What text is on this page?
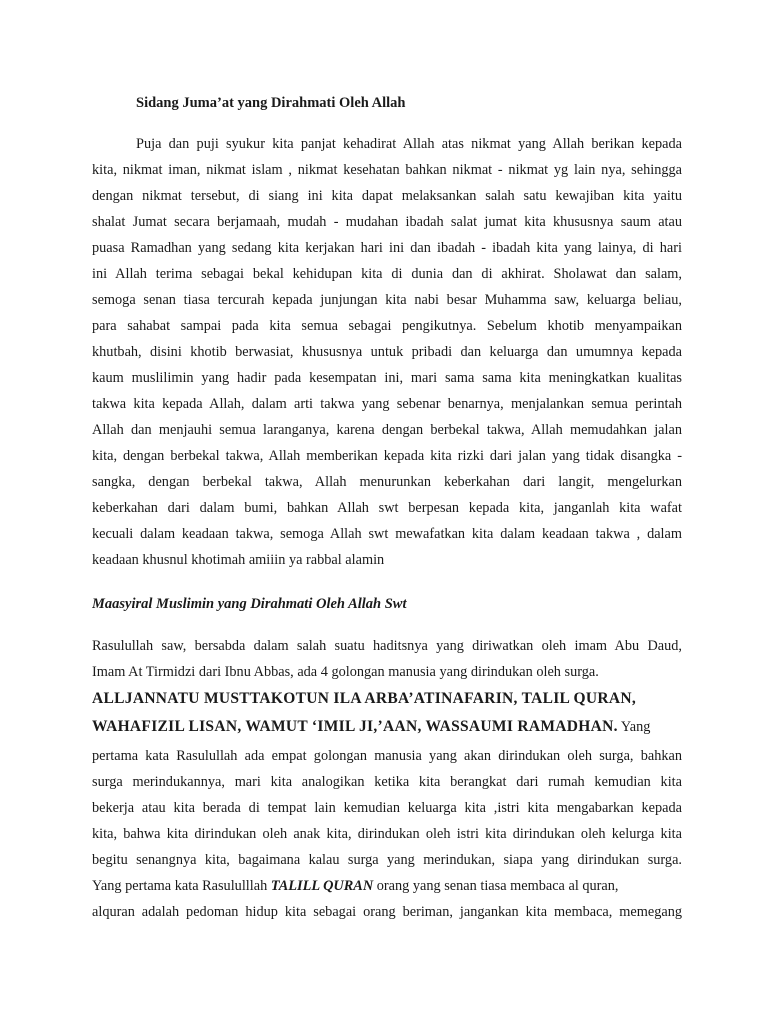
Sidang Juma’at yang Dirahmati Oleh Allah
Puja dan puji syukur kita panjat kehadirat Allah atas nikmat yang Allah berikan kepada
kita, nikmat iman, nikmat islam , nikmat kesehatan bahkan nikmat - nikmat yg lain nya, sehingga
dengan nikmat tersebut, di siang ini kita dapat melaksankan salah satu kewajiban kita yaitu
shalat Jumat secara berjamaah, mudah - mudahan ibadah salat jumat kita khususnya saum atau
puasa Ramadhan yang sedang kita kerjakan hari ini dan ibadah - ibadah kita yang lainya, di hari
ini Allah terima sebagai bekal kehidupan kita di dunia dan di akhirat. Sholawat dan salam,
semoga senan tiasa tercurah kepada junjungan kita nabi besar Muhamma saw, keluarga beliau,
para sahabat sampai pada kita semua sebagai pengikutnya. Sebelum khotib menyampaikan
khutbah, disini khotib berwasiat, khususnya untuk pribadi dan keluarga dan umumnya kepada
kaum muslilimin yang hadir pada kesempatan ini, mari sama sama kita meningkatkan kualitas
takwa kita kepada Allah, dalam arti takwa yang sebenar benarnya, menjalankan semua perintah
Allah dan menjauhi semua laranganya, karena dengan berbekal takwa, Allah memudahkan jalan
kita, dengan berbekal takwa, Allah memberikan kepada kita rizki dari jalan yang tidak disangka -
sangka, dengan berbekal takwa, Allah menurunkan keberkahan dari langit, mengelurkan
keberkahan dari dalam bumi, bahkan Allah swt berpesan kepada kita, janganlah kita wafat
kecuali dalam keadaan takwa, semoga Allah swt mewafatkan kita dalam keadaan takwa , dalam
keadaan khusnul khotimah amiiin ya rabbal alamin
Maasyiral Muslimin yang Dirahmati Oleh Allah Swt
Rasulullah saw, bersabda dalam salah suatu haditsnya yang diriwatkan oleh imam Abu Daud,
Imam At Tirmidzi dari Ibnu Abbas, ada 4 golongan manusia yang dirindukan oleh surga.
ALLJANNATU MUSTTAKOTUN ILA ARBA’ATINAFARIN, TALIL QURAN,
WAHAFIZIL LISAN, WAMUT ‘IMIL JI,’AAN, WASSAUMI RAMADHAN. Yang
pertama kata Rasulullah ada empat golongan manusia yang akan dirindukan oleh surga, bahkan
surga merindukannya, mari kita analogikan ketika kita berangkat dari rumah kemudian kita
bekerja atau kita berada di tempat lain kemudian keluarga kita ,istri kita mengabarkan kepada
kita, bahwa kita dirindukan oleh anak kita, dirindukan oleh istri kita dirindukan oleh kelurga kita
begitu senangnya kita, bagaimana kalau surga yang merindukan, siapa yang dirindukan surga.
Yang pertama kata Rasululllah TALILL QURAN orang yang senan tiasa membaca al quran,
alquran adalah pedoman hidup kita sebagai orang beriman, jangankan kita membaca, memegang
